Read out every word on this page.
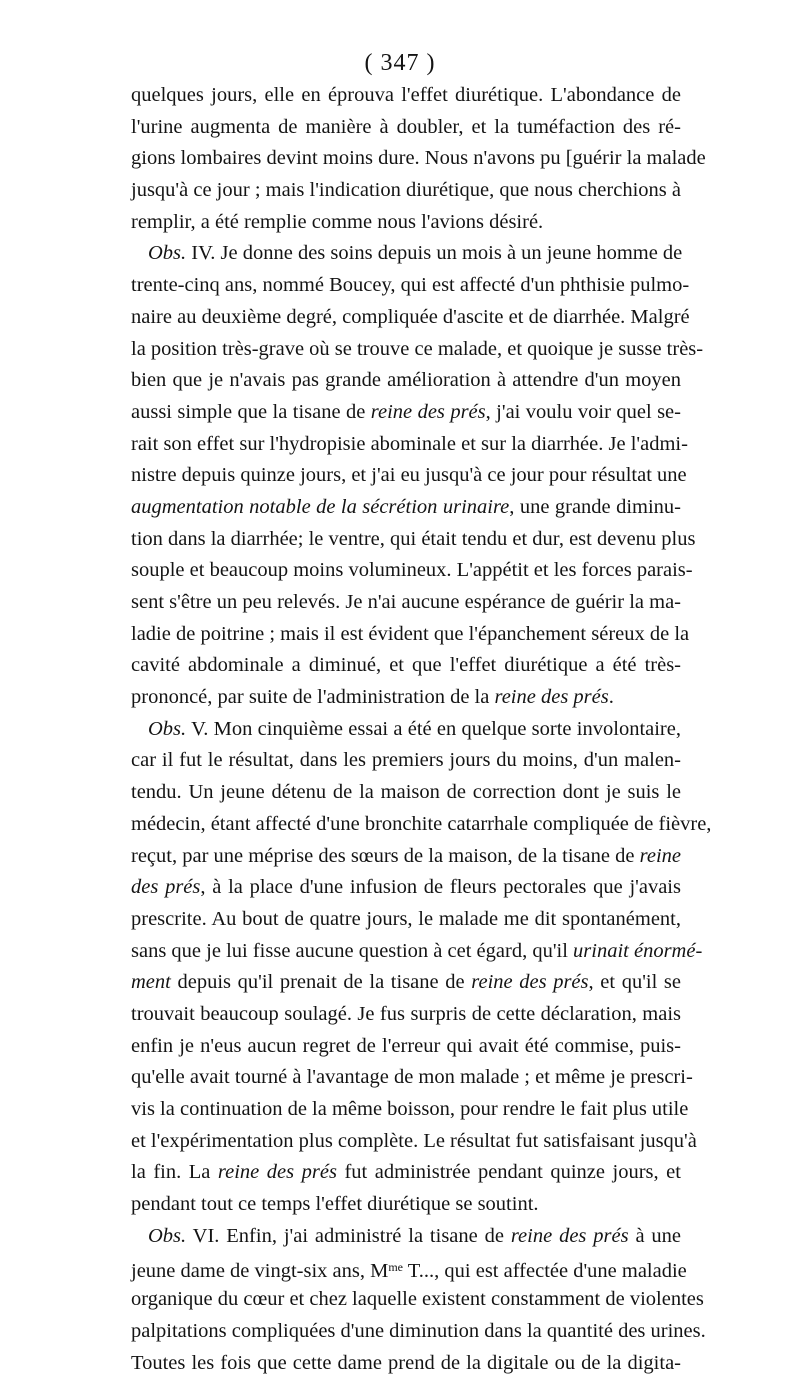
( 347 )
quelques jours, elle en éprouva l'effet diurétique. L'abondance de
l'urine augmenta de manière à doubler, et la tuméfaction des ré-
gions lombaires devint moins dure. Nous n'avons pu [guérir la malade
jusqu'à ce jour ; mais l'indication diurétique, que nous cherchions à
remplir, a été remplie comme nous l'avions désiré.
Obs. IV. Je donne des soins depuis un mois à un jeune homme de
trente-cinq ans, nommé Boucey, qui est affecté d'un phthisie pulmo-
naire au deuxième degré, compliquée d'ascite et de diarrhée. Malgré
la position très-grave où se trouve ce malade, et quoique je susse très-
bien que je n'avais pas grande amélioration à attendre d'un moyen
aussi simple que la tisane de reine des prés, j'ai voulu voir quel se-
rait son effet sur l'hydropisie abominale et sur la diarrhée. Je l'admi-
nistre depuis quinze jours, et j'ai eu jusqu'à ce jour pour résultat une
augmentation notable de la sécrétion urinaire, une grande diminu-
tion dans la diarrhée; le ventre, qui était tendu et dur, est devenu plus
souple et beaucoup moins volumineux. L'appétit et les forces parais-
sent s'être un peu relevés. Je n'ai aucune espérance de guérir la ma-
ladie de poitrine ; mais il est évident que l'épanchement séreux de la
cavité abdominale a diminué, et que l'effet diurétique a été très-
prononcé, par suite de l'administration de la reine des prés.
Obs. V. Mon cinquième essai a été en quelque sorte involontaire,
car il fut le résultat, dans les premiers jours du moins, d'un malen-
tendu. Un jeune détenu de la maison de correction dont je suis le
médecin, étant affecté d'une bronchite catarrhale compliquée de fièvre,
reçut, par une méprise des sœurs de la maison, de la tisane de reine
des prés, à la place d'une infusion de fleurs pectorales que j'avais
prescrite. Au bout de quatre jours, le malade me dit spontanément,
sans que je lui fisse aucune question à cet égard, qu'il urinait énormé-
ment depuis qu'il prenait de la tisane de reine des prés, et qu'il se
trouvait beaucoup soulagé. Je fus surpris de cette déclaration, mais
enfin je n'eus aucun regret de l'erreur qui avait été commise, puis-
qu'elle avait tourné à l'avantage de mon malade ; et même je prescri-
vis la continuation de la même boisson, pour rendre le fait plus utile
et l'expérimentation plus complète. Le résultat fut satisfaisant jusqu'à
la fin. La reine des prés fut administrée pendant quinze jours, et
pendant tout ce temps l'effet diurétique se soutint.
Obs. VI. Enfin, j'ai administré la tisane de reine des prés à une
jeune dame de vingt-six ans, $M^{me}$ T..., qui est affectée d'une maladie
organique du cœur et chez laquelle existent constamment de violentes
palpitations compliquées d'une diminution dans la quantité des urines.
Toutes les fois que cette dame prend de la digitale ou de la digita-
